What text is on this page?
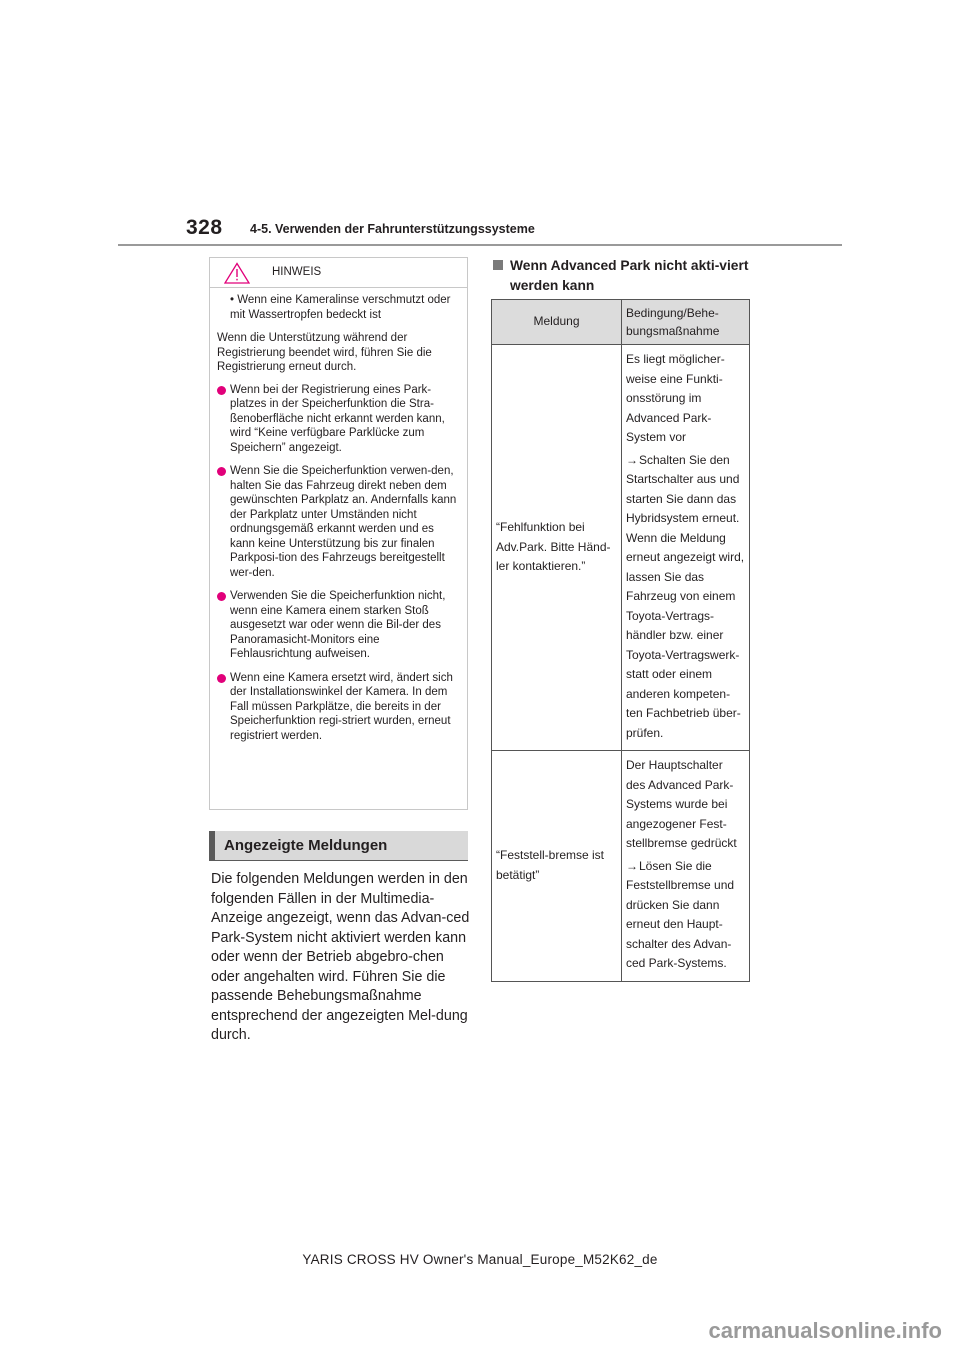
328 4-5. Verwenden der Fahrunterstützungssysteme
HINWEIS
• Wenn eine Kameralinse verschmutzt oder mit Wassertropfen bedeckt ist

Wenn die Unterstützung während der Registrierung beendet wird, führen Sie die Registrierung erneut durch.

Wenn bei der Registrierung eines Park-platzes in der Speicherfunktion die Stra-ßenoberfläche nicht erkannt werden kann, wird “Keine verfügbare Parklücke zum Speichern” angezeigt.
Wenn Sie die Speicherfunktion verwen-den, halten Sie das Fahrzeug direkt neben dem gewünschten Parkplatz an. Andernfalls kann der Parkplatz unter Umständen nicht ordnungsgemäß erkannt werden und es kann keine Unterstützung bis zur finalen Parkposi-tion des Fahrzeugs bereitgestellt wer-den.
Verwenden Sie die Speicherfunktion nicht, wenn eine Kamera einem starken Stoß ausgesetzt war oder wenn die Bil-der des Panoramasicht-Monitors eine Fehlausrichtung aufweisen.
Wenn eine Kamera ersetzt wird, ändert sich der Installationswinkel der Kamera. In dem Fall müssen Parkplätze, die bereits in der Speicherfunktion regi-striert wurden, erneut registriert werden.
Angezeigte Meldungen
Die folgenden Meldungen werden in den folgenden Fällen in der Multimedia-Anzeige angezeigt, wenn das Advan-ced Park-System nicht aktiviert werden kann oder wenn der Betrieb abgebro-chen oder angehalten wird. Führen Sie die passende Behebungsmaßnahme entsprechend der angezeigten Mel-dung durch.
Wenn Advanced Park nicht akti-viert werden kann
Meldung	Bedingung/Behe-bungsmaßnahme
“Fehlfunktion bei Adv.Park. Bitte Händ-ler kontaktieren.”	Es liegt möglicher-weise eine Funkti-onsstörung im Advanced Park-System vor

→Schalten Sie den Startschalter aus und starten Sie dann das Hybridsystem erneut. Wenn die Meldung erneut angezeigt wird, lassen Sie das Fahrzeug von einem Toyota-Vertrags-händler bzw. einer Toyota-Vertragswerk-statt oder einem anderen kompeten-ten Fachbetrieb über-prüfen.

“Feststell-bremse ist betätigt”	Der Hauptschalter des Advanced Park-Systems wurde bei angezogener Fest-stellbremse gedrückt

→Lösen Sie die Feststellbremse und drücken Sie dann erneut den Haupt-schalter des Advan-ced Park-Systems.

YARIS CROSS HV Owner's Manual_Europe_M52K62_de
carmanualsonline.info
